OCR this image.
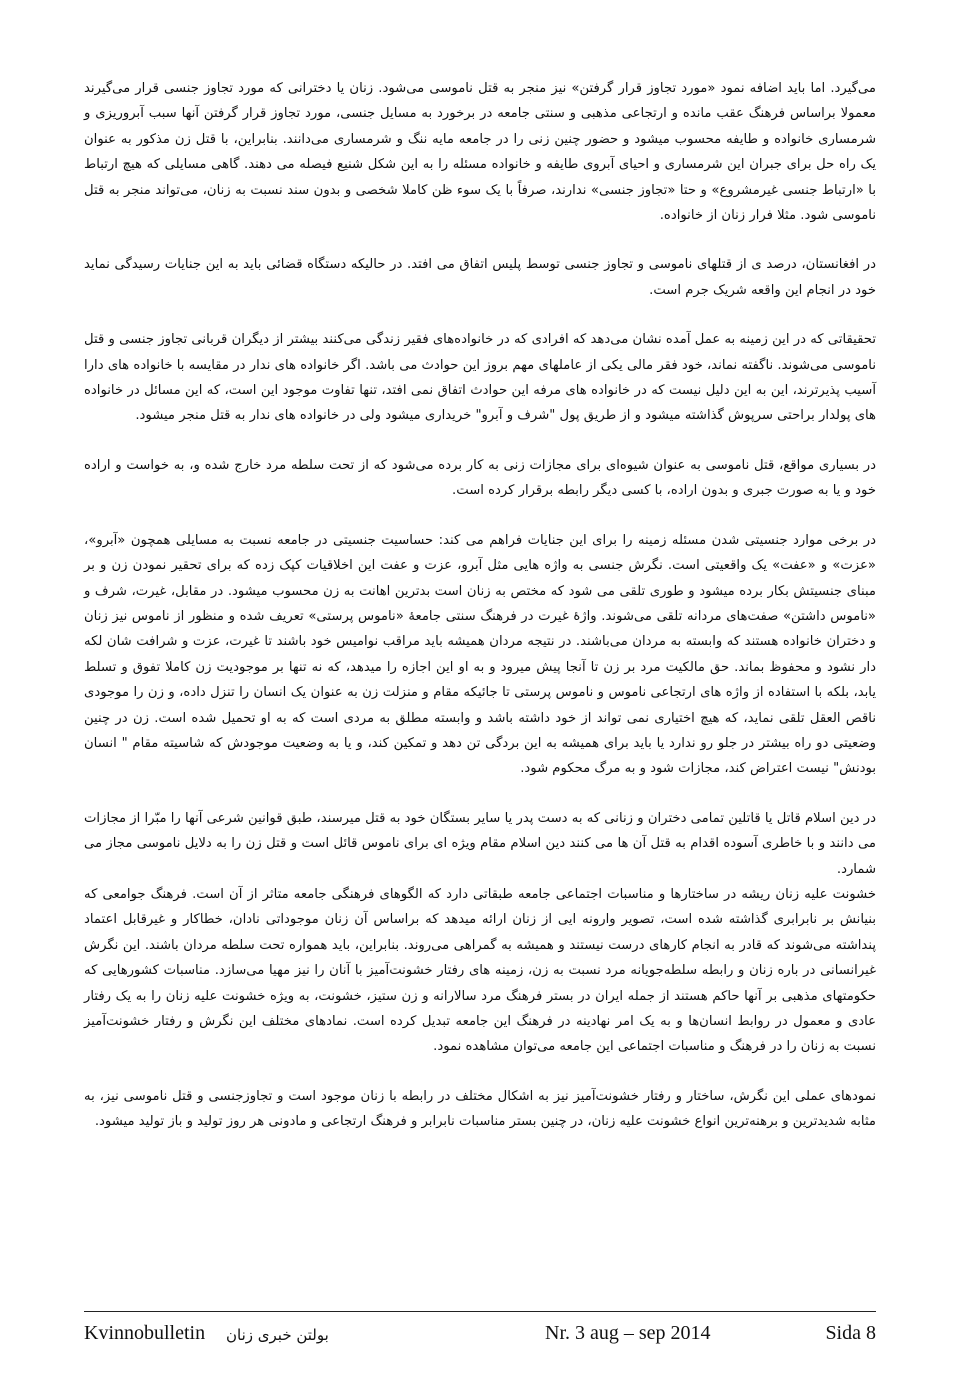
می‌گیرد. اما باید اضافه نمود «مورد تجاوز قرار گرفتن» نیز منجر به قتل ناموسی می‌شود. زنان یا دخترانی که مورد تجاوز جنسی قرار می‌گیرند معمولا براساس فرهنگ عقب مانده و ارتجاعی مذهبی و سنتی جامعه در برخورد به مسایل جنسی، مورد تجاوز قرار گرفتن آنها سبب آبروریزی و شرمساری خانواده و طایفه محسوب میشود و حضور چنین زنی را در جامعه مایه ننگ و شرمساری می‌دانند. بنابراین، با قتل زن مذکور به عنوان یک راه حل برای جبران این شرمساری و احیای آبروی طایفه و خانواده مسئله را به این شکل شنیع فیصله می دهند. گاهی مسایلی که هیچ ارتباط با «ارتباط جنسی غیرمشروع» و حتا «تجاوز جنسی» ندارند، صرفاً با یک سوء ظن کاملا شخصی و بدون سند نسبت به زنان، می‌تواند منجر به قتل ناموسی شود. مثلا فرار زنان از خانواده.

در افغانستان، درصد ی از قتلهای ناموسی و تجاوز جنسی توسط پلیس اتفاق می افتد. در حالیکه دستگاه قضائی باید به این جنایات رسیدگی نماید خود در انجام این واقعه شریک جرم است.

تحقیقاتی که در این زمینه به عمل آمده نشان می‌دهد که افرادی که در خانواده‌های فقیر زندگی می‌کنند بیشتر از دیگران قربانی تجاوز جنسی و قتل ناموسی می‌شوند. ناگفته نماند، خود فقر مالی یکی از عاملهای مهم بروز این حوادث می باشد. اگر خانواده های ندار در مقایسه با خانواده های دارا آسیب پذیرترند، این به این دلیل نیست که در خانواده های مرفه این حوادث اتفاق نمی افتد، تنها تفاوت موجود این است، که این مسائل در خانواده های پولدار براحتی سرپوش گذاشته میشود و از طریق پول "شرف و آبرو" خریداری میشود ولی در خانواده های ندار به قتل منجر میشود.

در بسیاری مواقع، قتل ناموسی به عنوان شیوه‌ای برای مجازات زنی به کار برده می‌شود که از تحت سلطه مرد خارج شده و، به خواست و اراده خود و یا به صورت جبری و بدون اراده، با کسی دیگر رابطه برقرار کرده است.

در برخی موارد جنسیتی شدن مسئله زمینه را برای این جنایات فراهم می کند: حساسیت جنسیتی در جامعه نسبت به مسایلی همچون «آبرو»، «عزت» و «عفت» یک واقعیتی است. نگرش جنسی به واژه هایی مثل آبرو، عزت و عفت این اخلاقیات کپک زده که برای تحقیر نمودن زن و بر مبنای جنسیتش بکار برده میشود و طوری تلقی می شود که مختص به زنان است بدترین اهانت به زن محسوب میشود. در مقابل، غیرت، شرف و «ناموس داشتن» صفت‌های مردانه تلقی می‌شوند. واژهٔ غیرت در فرهنگ سنتی جامعهٔ «ناموس پرستی» تعریف شده و منظور از ناموس نیز زنان و دختران خانواده هستند که وابسته به مردان می‌باشند. در نتیجه مردان همیشه باید مراقب نوامیس خود باشند تا غیرت، عزت و شرافت شان لکه دار نشود و محفوظ بماند. حق مالکیت مرد بر زن تا آنجا پیش میرود و به او این اجازه را میدهد، که نه تنها بر موجودیت زن کاملا تفوق و تسلط یابد، بلکه با استفاده از واژه های ارتجاعی ناموس و ناموس پرستی تا جائیکه مقام و منزلت زن به عنوان یک انسان را تنزل داده، و زن را موجودی ناقص العقل تلقی نماید، که هیچ اختیاری نمی تواند از خود داشته باشد و وابسته مطلق به مردی است که به او تحمیل شده است. زن در چنین وضعیتی دو راه بیشتر در جلو رو ندارد یا باید برای همیشه به این بردگی تن دهد و تمکین کند، و یا به وضعیت موجودش که شاسیته مقام " انسان بودنش" نیست اعتراض کند، مجازات شود و به مرگ محکوم شود.

در دین اسلام قاتل یا قاتلین تمامی دختران و زنانی که به دست پدر یا سایر بستگان خود به قتل میرسند، طبق قوانین شرعی آنها را مبّرا از مجازات می دانند و با خاطری آسوده اقدام به قتل آن ها می کنند دین اسلام مقام ویژه ای برای ناموس قائل است و قتل زن را به دلایل ناموسی مجاز می شمارد.

خشونت علیه زنان ریشه در ساختارها و مناسبات اجتماعی جامعه طبقاتی دارد که الگوهای فرهنگی جامعه متاثر از آن است. فرهنگ جوامعی که بنیانش بر نابرابری گذاشته شده است، تصویر وارونه ایی از زنان ارائه میدهد که براساس آن زنان موجوداتی نادان، خطاکار و غیرقابل اعتماد پنداشته می‌شوند که قادر به انجام کارهای درست نیستند و همیشه به گمراهی می‌روند. بنابراین، باید همواره تحت سلطه مردان باشند. این نگرش غیرانسانی در باره زنان و رابطه سلطه‌جویانه مرد نسبت به زن، زمینه های رفتار خشونت‌آمیز با آنان را نیز مهیا می‌سازد. مناسبات کشورهایی که حکومتهای مذهبی بر آنها حاکم هستند از جمله ایران در بستر فرهنگ مرد سالارانه و زن ستیز، خشونت، به ویژه خشونت علیه زنان را به یک رفتار عادی و معمول در روابط انسان‌ها و به یک امر نهادینه در فرهنگ این جامعه تبدیل کرده است. نمادهای مختلف این نگرش و رفتار خشونت‌آمیز نسبت به زنان را در فرهنگ و مناسبات اجتماعی این جامعه می‌توان مشاهده نمود.

نمودهای عملی این نگرش، ساختار و رفتار خشونت‌آمیز نیز به اشکال مختلف در رابطه با زنان موجود است و تجاوزجنسی و قتل ناموسی نیز، به مثابه شدیدترین و برهنه‌ترین انواع خشونت علیه زنان، در چنین بستر مناسبات نابرابر و فرهنگ ارتجاعی و مادونی هر روز تولید و باز تولید میشود.

Kvinnobulletin بولتن خبری زنان	Nr. 3 aug – sep 2014	Sida 8
